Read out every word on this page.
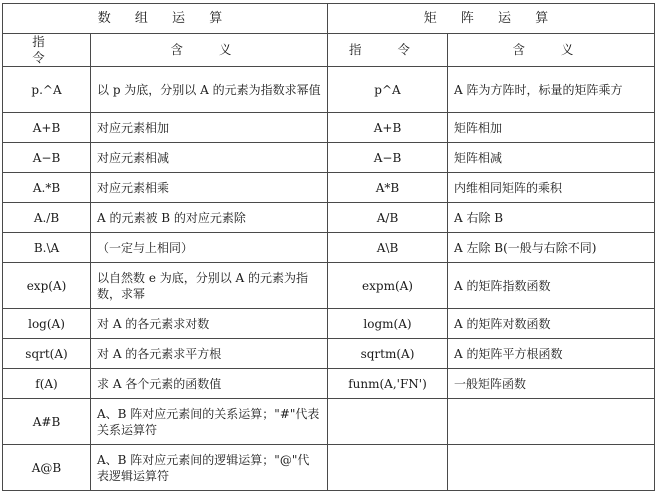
数 组 运 算		矩 阵 运 算	
指 令	含 义	指 令	含 义
p.^A	以 p 为底，分别以 A 的元素为指数求幂值	p^A	A 阵为方阵时，标量的矩阵乘方
A+B	对应元素相加	A+B	矩阵相加
A−B	对应元素相减	A−B	矩阵相减
A.*B	对应元素相乘	A*B	内维相同矩阵的乘积
A./B	A 的元素被 B 的对应元素除	A/B	A 右除 B
B.\A	（一定与上相同）	A\B	A 左除 B(一般与右除不同)
exp(A)	以自然数 e 为底，分别以 A 的元素为指数，求幂	expm(A)	A 的矩阵指数函数
log(A)	对 A 的各元素求对数	logm(A)	A 的矩阵对数函数
sqrt(A)	对 A 的各元素求平方根	sqrtm(A)	A 的矩阵平方根函数
f(A)	求 A 各个元素的函数值	funm(A,'FN')	一般矩阵函数
A#B	A、B 阵对应元素间的关系运算；"#"代表关系运算符		
A@B	A、B 阵对应元素间的逻辑运算；"@"代表逻辑运算符		
